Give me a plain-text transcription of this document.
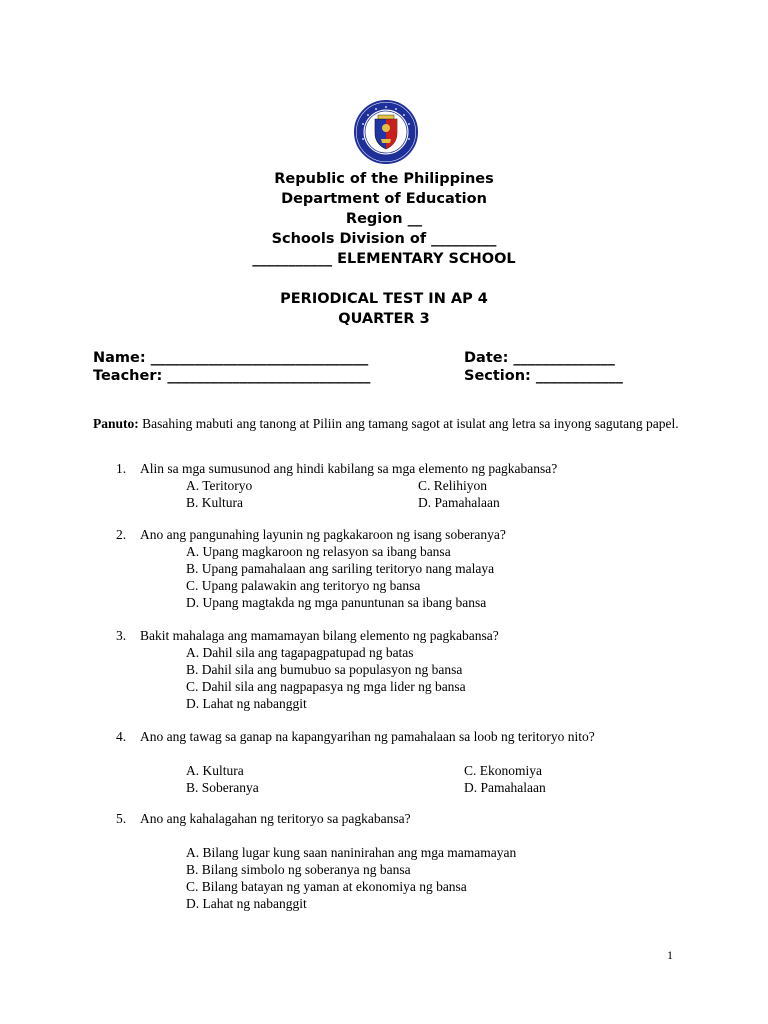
Republic of the Philippines
Department of Education
Region __
Schools Division of _________
___________ ELEMENTARY SCHOOL
PERIODICAL TEST IN AP 4
QUARTER 3
Name: ______________________________	Date: ______________
Teacher: ____________________________	Section: ____________
Panuto: Basahing mabuti ang tanong at Piliin ang tamang sagot at isulat ang letra sa inyong sagutang papel.
1. Alin sa mga sumusunod ang hindi kabilang sa mga elemento ng pagkabansa?
A. Teritoryo	C. Relihiyon
B. Kultura	D. Pamahalaan
2. Ano ang pangunahing layunin ng pagkakaroon ng isang soberanya?
A. Upang magkaroon ng relasyon sa ibang bansa
B. Upang pamahalaan ang sariling teritoryo nang malaya
C. Upang palawakin ang teritoryo ng bansa
D. Upang magtakda ng mga panuntunan sa ibang bansa
3. Bakit mahalaga ang mamamayan bilang elemento ng pagkabansa?
A. Dahil sila ang tagapagpatupad ng batas
B. Dahil sila ang bumubuo sa populasyon ng bansa
C. Dahil sila ang nagpapasya ng mga lider ng bansa
D. Lahat ng nabanggit
4. Ano ang tawag sa ganap na kapangyarihan ng pamahalaan sa loob ng teritoryo nito?
A. Kultura	C. Ekonomiya
B. Soberanya	D. Pamahalaan
5. Ano ang kahalagahan ng teritoryo sa pagkabansa?
A. Bilang lugar kung saan naninirahan ang mga mamamayan
B. Bilang simbolo ng soberanya ng bansa
C. Bilang batayan ng yaman at ekonomiya ng bansa
D. Lahat ng nabanggit
1
